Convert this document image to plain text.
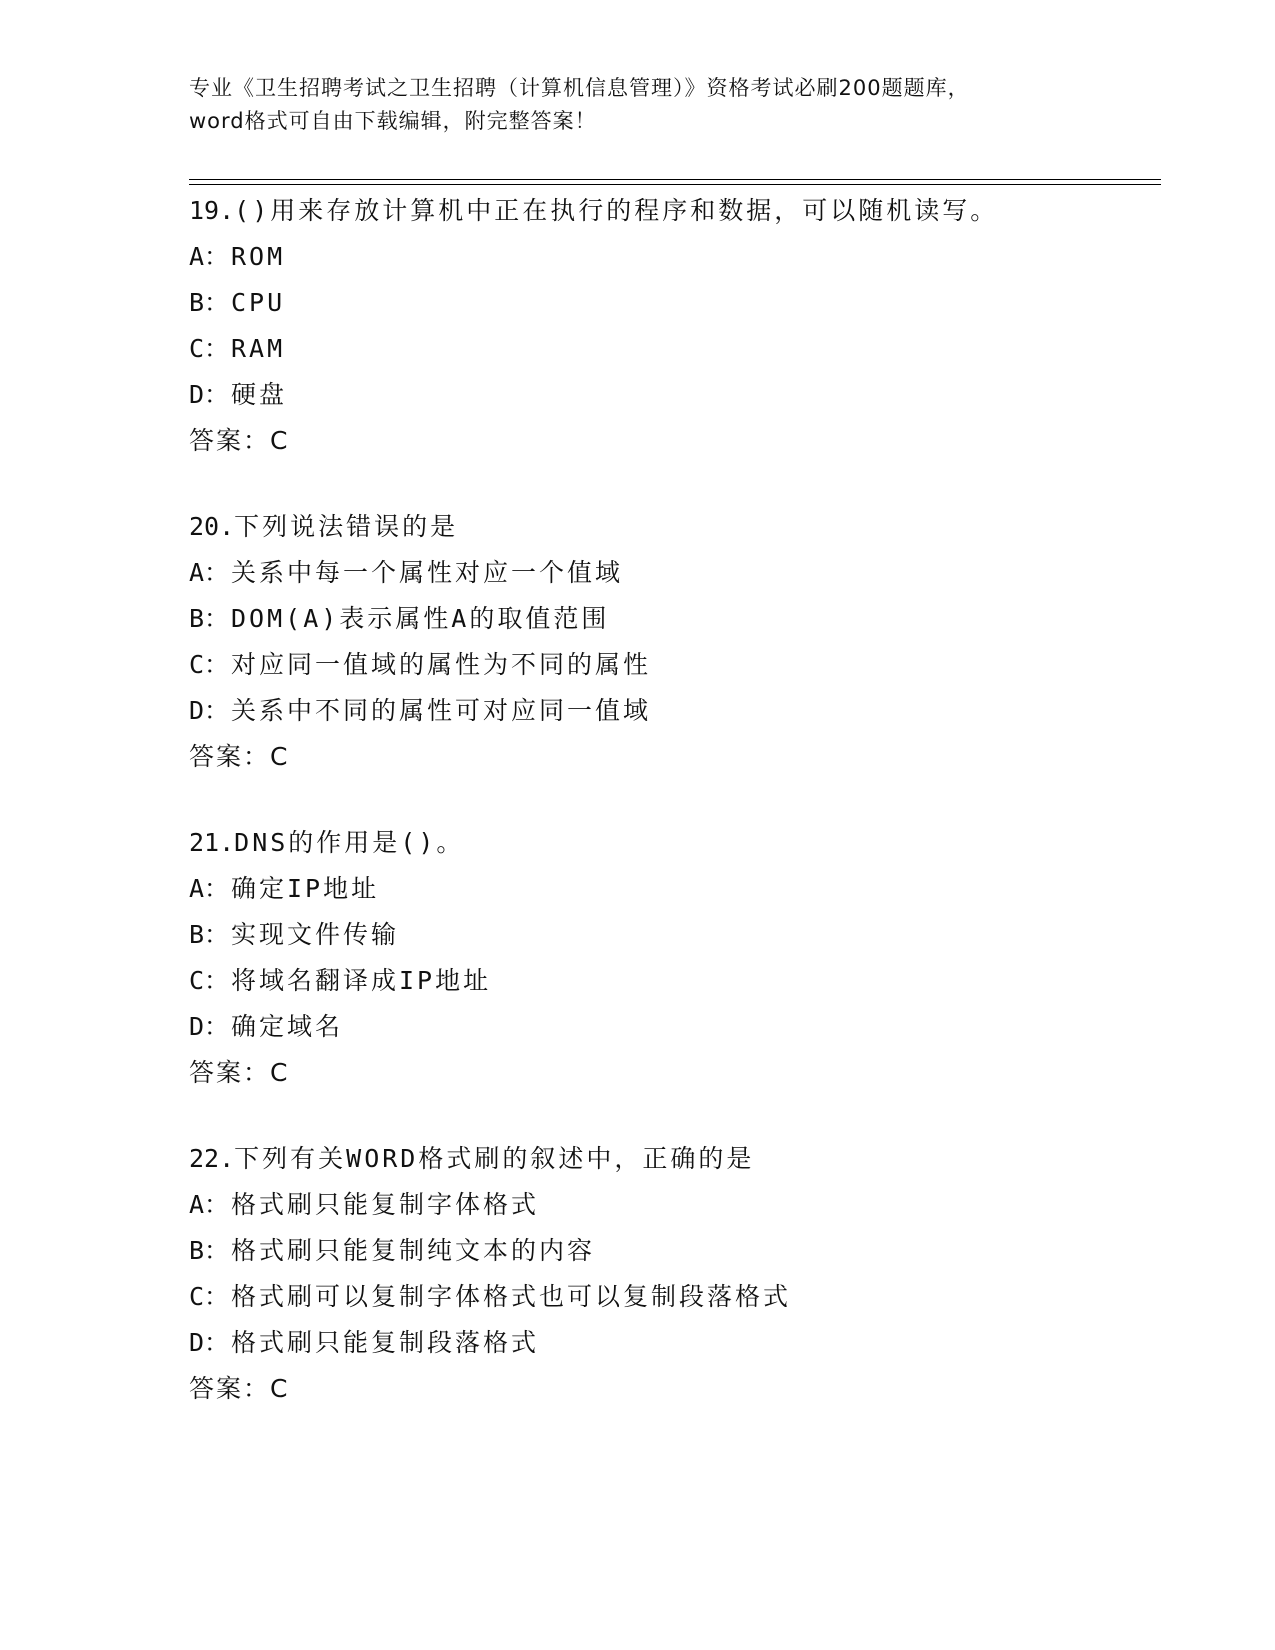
专业《卫生招聘考试之卫生招聘（计算机信息管理）》资格考试必刷200题题库，
word格式可自由下载编辑，附完整答案！
19.()用来存放计算机中正在执行的程序和数据，可以随机读写。
A：ROM
B：CPU
C：RAM
D：硬盘
答案：C
20.下列说法错误的是
A：关系中每一个属性对应一个值域
B：DOM(A)表示属性A的取值范围
C：对应同一值域的属性为不同的属性
D：关系中不同的属性可对应同一值域
答案：C
21.DNS的作用是()。
A：确定IP地址
B：实现文件传输
C：将域名翻译成IP地址
D：确定域名
答案：C
22.下列有关WORD格式刷的叙述中，正确的是
A：格式刷只能复制字体格式
B：格式刷只能复制纯文本的内容
C：格式刷可以复制字体格式也可以复制段落格式
D：格式刷只能复制段落格式
答案：C
